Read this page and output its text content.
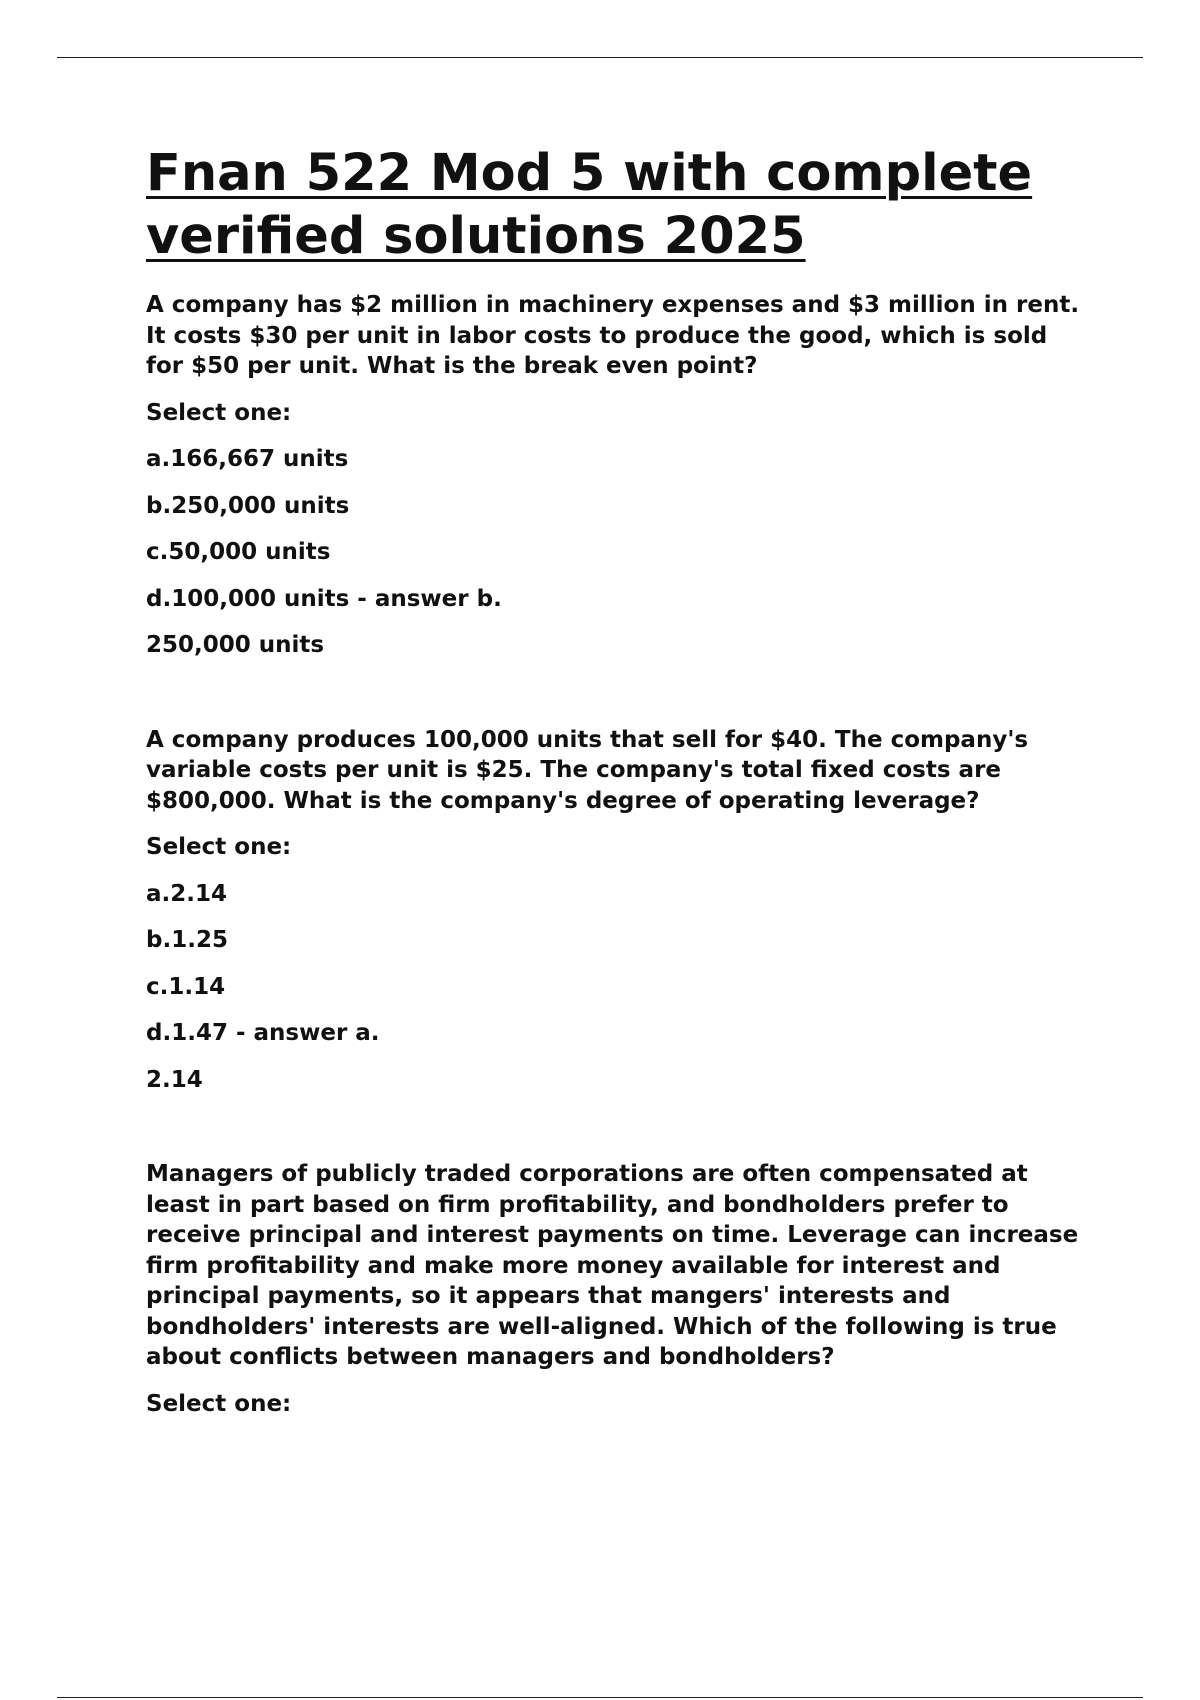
Fnan 522 Mod 5 with complete verified solutions 2025

A company has $2 million in machinery expenses and $3 million in rent. It costs $30 per unit in labor costs to produce the good, which is sold for $50 per unit. What is the break even point?

Select one:

a.166,667 units

b.250,000 units

c.50,000 units

d.100,000 units - answer b.

250,000 units

A company produces 100,000 units that sell for $40. The company's variable costs per unit is $25. The company's total fixed costs are $800,000. What is the company's degree of operating leverage?

Select one:

a.2.14

b.1.25

c.1.14

d.1.47 - answer a.

2.14

Managers of publicly traded corporations are often compensated at least in part based on firm profitability, and bondholders prefer to receive principal and interest payments on time. Leverage can increase firm profitability and make more money available for interest and principal payments, so it appears that mangers' interests and bondholders' interests are well-aligned. Which of the following is true about conflicts between managers and bondholders?

Select one:
